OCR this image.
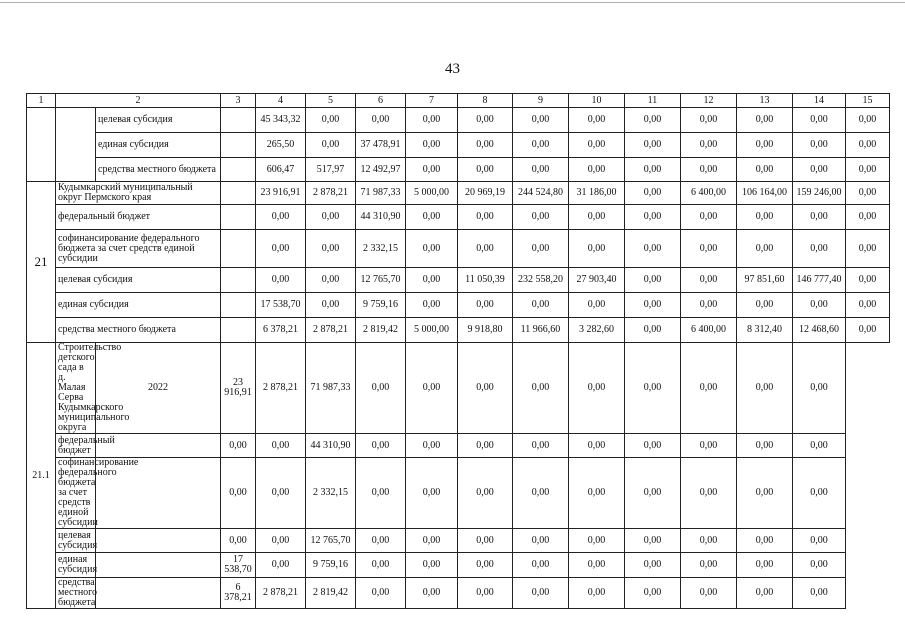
43
1	2		3	4	5	6	7	8	9	10	11	12	13	14	15
		целевая субсидия		45 343,32	0,00	0,00	0,00	0,00	0,00	0,00	0,00	0,00	0,00	0,00	0,00
		единая субсидия		265,50	0,00	37 478,91	0,00	0,00	0,00	0,00	0,00	0,00	0,00	0,00	0,00
		средства местного бюджета		606,47	517,97	12 492,97	0,00	0,00	0,00	0,00	0,00	0,00	0,00	0,00	0,00
21	Кудымкарский муниципальный округ Пермского края			23 916,91	2 878,21	71 987,33	5 000,00	20 969,19	244 524,80	31 186,00	0,00	6 400,00	106 164,00	159 246,00	0,00
	федеральный бюджет			0,00	0,00	44 310,90	0,00	0,00	0,00	0,00	0,00	0,00	0,00	0,00	0,00
	софинансирование федерального бюджета за счет средств единой субсидии			0,00	0,00	2 332,15	0,00	0,00	0,00	0,00	0,00	0,00	0,00	0,00	0,00
	целевая субсидия			0,00	0,00	12 765,70	0,00	11 050,39	232 558,20	27 903,40	0,00	0,00	97 851,60	146 777,40	0,00
	единая субсидия			17 538,70	0,00	9 759,16	0,00	0,00	0,00	0,00	0,00	0,00	0,00	0,00	0,00
	средства местного бюджета			6 378,21	2 878,21	2 819,42	5 000,00	9 918,80	11 966,60	3 282,60	0,00	6 400,00	8 312,40	12 468,60	0,00
21.1	Строительство детского сада в д. Малая Серва Кудымкарского муниципального округа	2022	23 916,91	2 878,21	71 987,33	0,00	0,00	0,00	0,00	0,00	0,00	0,00	0,00	0,00	
	федеральный бюджет		0,00	0,00	44 310,90	0,00	0,00	0,00	0,00	0,00	0,00	0,00	0,00	0,00	
	софинансирование федерального бюджета за счет средств единой субсидии		0,00	0,00	2 332,15	0,00	0,00	0,00	0,00	0,00	0,00	0,00	0,00	0,00	
	целевая субсидия		0,00	0,00	12 765,70	0,00	0,00	0,00	0,00	0,00	0,00	0,00	0,00	0,00	
	единая субсидия		17 538,70	0,00	9 759,16	0,00	0,00	0,00	0,00	0,00	0,00	0,00	0,00	0,00	
	средства местного бюджета		6 378,21	2 878,21	2 819,42	0,00	0,00	0,00	0,00	0,00	0,00	0,00	0,00	0,00	
